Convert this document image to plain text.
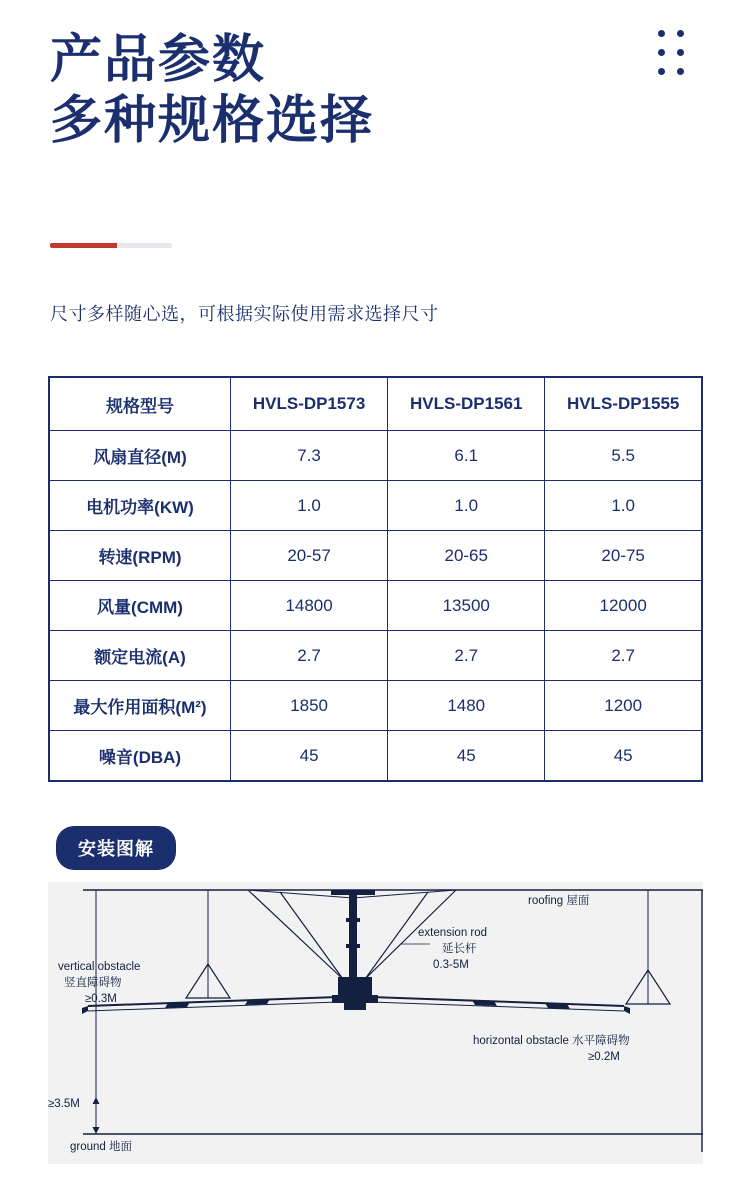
产品参数
多种规格选择
尺寸多样随心选，可根据实际使用需求选择尺寸
规格型号	HVLS-DP1573	HVLS-DP1561	HVLS-DP1555
风扇直径(M)	7.3	6.1	5.5
电机功率(KW)	1.0	1.0	1.0
转速(RPM)	20-57	20-65	20-75
风量(CMM)	14800	13500	12000
额定电流(A)	2.7	2.7	2.7
最大作用面积(M²)	1850	1480	1200
噪音(DBA)	45	45	45
安装图解
roofing 屋面
extension rod
延长杆
0.3-5M
vertical obstacle
竖直障碍物
≥0.3M
horizontal obstacle 水平障碍物
≥0.2M
≥3.5M
ground 地面
